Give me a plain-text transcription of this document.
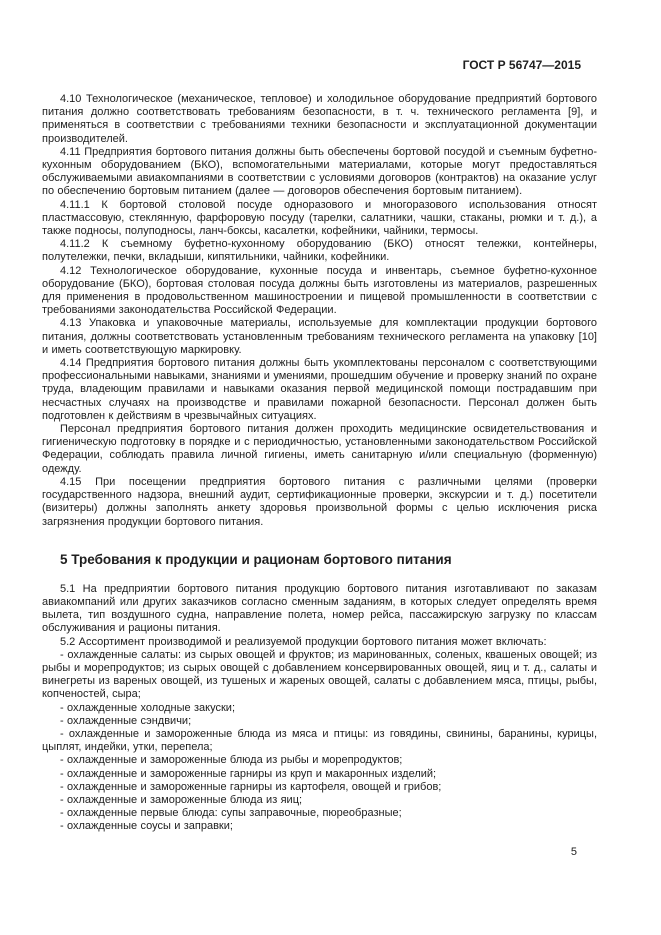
ГОСТ Р 56747—2015

4.10 Технологическое (механическое, тепловое) и холодильное оборудование предприятий бортового питания должно соответствовать требованиям безопасности, в т. ч. технического регламента [9], и применяться в соответствии с требованиями техники безопасности и эксплуатационной документации производителей.

4.11 Предприятия бортового питания должны быть обеспечены бортовой посудой и съемным буфетно-кухонным оборудованием (БКО), вспомогательными материалами, которые могут предоставляться обслуживаемыми авиакомпаниями в соответствии с условиями договоров (контрактов) на оказание услуг по обеспечению бортовым питанием (далее — договоров обеспечения бортовым питанием).

4.11.1 К бортовой столовой посуде одноразового и многоразового использования относят пластмассовую, стеклянную, фарфоровую посуду (тарелки, салатники, чашки, стаканы, рюмки и т. д.), а также подносы, полуподносы, ланч-боксы, касалетки, кофейники, чайники, термосы.

4.11.2 К съемному буфетно-кухонному оборудованию (БКО) относят тележки, контейнеры, полутележки, печки, вкладыши, кипятильники, чайники, кофейники.

4.12 Технологическое оборудование, кухонные посуда и инвентарь, съемное буфетно-кухонное оборудование (БКО), бортовая столовая посуда должны быть изготовлены из материалов, разрешенных для применения в продовольственном машиностроении и пищевой промышленности в соответствии с требованиями законодательства Российской Федерации.

4.13 Упаковка и упаковочные материалы, используемые для комплектации продукции бортового питания, должны соответствовать установленным требованиям технического регламента на упаковку [10] и иметь соответствующую маркировку.

4.14 Предприятия бортового питания должны быть укомплектованы персоналом с соответствующими профессиональными навыками, знаниями и умениями, прошедшим обучение и проверку знаний по охране труда, владеющим правилами и навыками оказания первой медицинской помощи пострадавшим при несчастных случаях на производстве и правилами пожарной безопасности. Персонал должен быть подготовлен к действиям в чрезвычайных ситуациях.

Персонал предприятия бортового питания должен проходить медицинские освидетельствования и гигиеническую подготовку в порядке и с периодичностью, установленными законодательством Российской Федерации, соблюдать правила личной гигиены, иметь санитарную и/или специальную (форменную) одежду.

4.15 При посещении предприятия бортового питания с различными целями (проверки государственного надзора, внешний аудит, сертификационные проверки, экскурсии и т. д.) посетители (визитеры) должны заполнять анкету здоровья произвольной формы с целью исключения риска загрязнения продукции бортового питания.

5 Требования к продукции и рационам бортового питания

5.1 На предприятии бортового питания продукцию бортового питания изготавливают по заказам авиакомпаний или других заказчиков согласно сменным заданиям, в которых следует определять время вылета, тип воздушного судна, направление полета, номер рейса, пассажирскую загрузку по классам обслуживания и рационы питания.

5.2 Ассортимент производимой и реализуемой продукции бортового питания может включать:

- охлажденные салаты: из сырых овощей и фруктов; из маринованных, соленых, квашеных овощей; из рыбы и морепродуктов; из сырых овощей с добавлением консервированных овощей, яиц и т. д., салаты и винегреты из вареных овощей, из тушеных и жареных овощей, салаты с добавлением мяса, птицы, рыбы, копченостей, сыра;

- охлажденные холодные закуски;

- охлажденные сэндвичи;

- охлажденные и замороженные блюда из мяса и птицы: из говядины, свинины, баранины, курицы, цыплят, индейки, утки, перепела;

- охлажденные и замороженные блюда из рыбы и морепродуктов;

- охлажденные и замороженные гарниры из круп и макаронных изделий;

- охлажденные и замороженные гарниры из картофеля, овощей и грибов;

- охлажденные и замороженные блюда из яиц;

- охлажденные первые блюда: супы заправочные, пюреобразные;

- охлажденные соусы и заправки;

5
